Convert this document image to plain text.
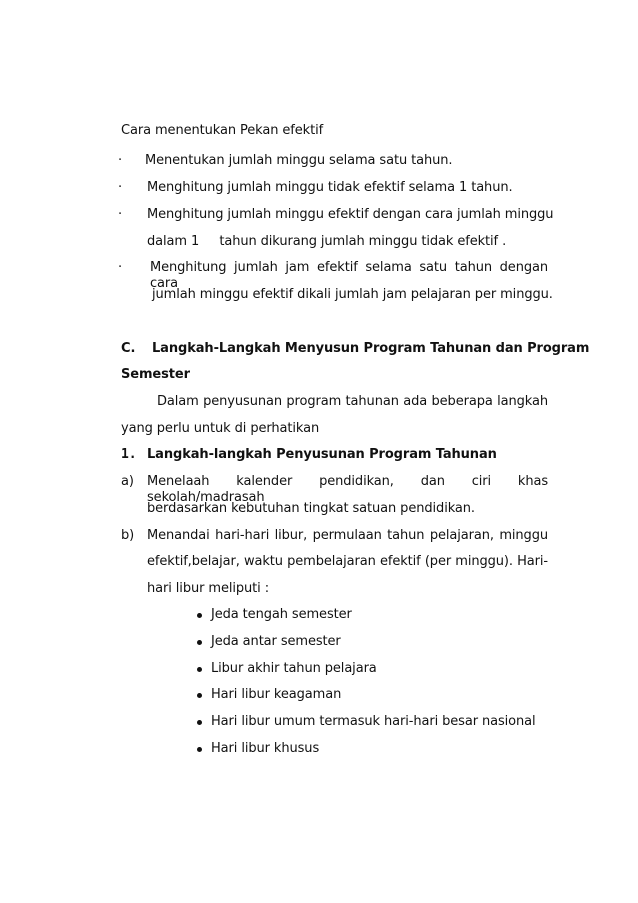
Cara menentukan Pekan efektif
· Menentukan jumlah minggu selama satu tahun.
· Menghitung jumlah minggu tidak efektif selama 1 tahun.
· Menghitung jumlah minggu efektif dengan cara jumlah minggu
dalam 1     tahun dikurang jumlah minggu tidak efektif .
· Menghitung jumlah jam efektif selama satu tahun dengan cara
jumlah minggu efektif dikali jumlah jam pelajaran per minggu.
C. Langkah-Langkah Menyusun Program Tahunan dan Program
Semester
Dalam penyusunan program tahunan ada beberapa langkah
yang perlu untuk di perhatikan
1. Langkah-langkah Penyusunan Program Tahunan
a) Menelaah kalender pendidikan, dan ciri khas sekolah/madrasah
berdasarkan kebutuhan tingkat satuan pendidikan.
b) Menandai hari-hari libur, permulaan tahun pelajaran, minggu
efektif,belajar, waktu pembelajaran efektif (per minggu). Hari-
hari libur meliputi :
Jeda tengah semester
Jeda antar semester
Libur akhir tahun pelajara
Hari libur keagaman
Hari libur umum termasuk hari-hari besar nasional
Hari libur khusus
